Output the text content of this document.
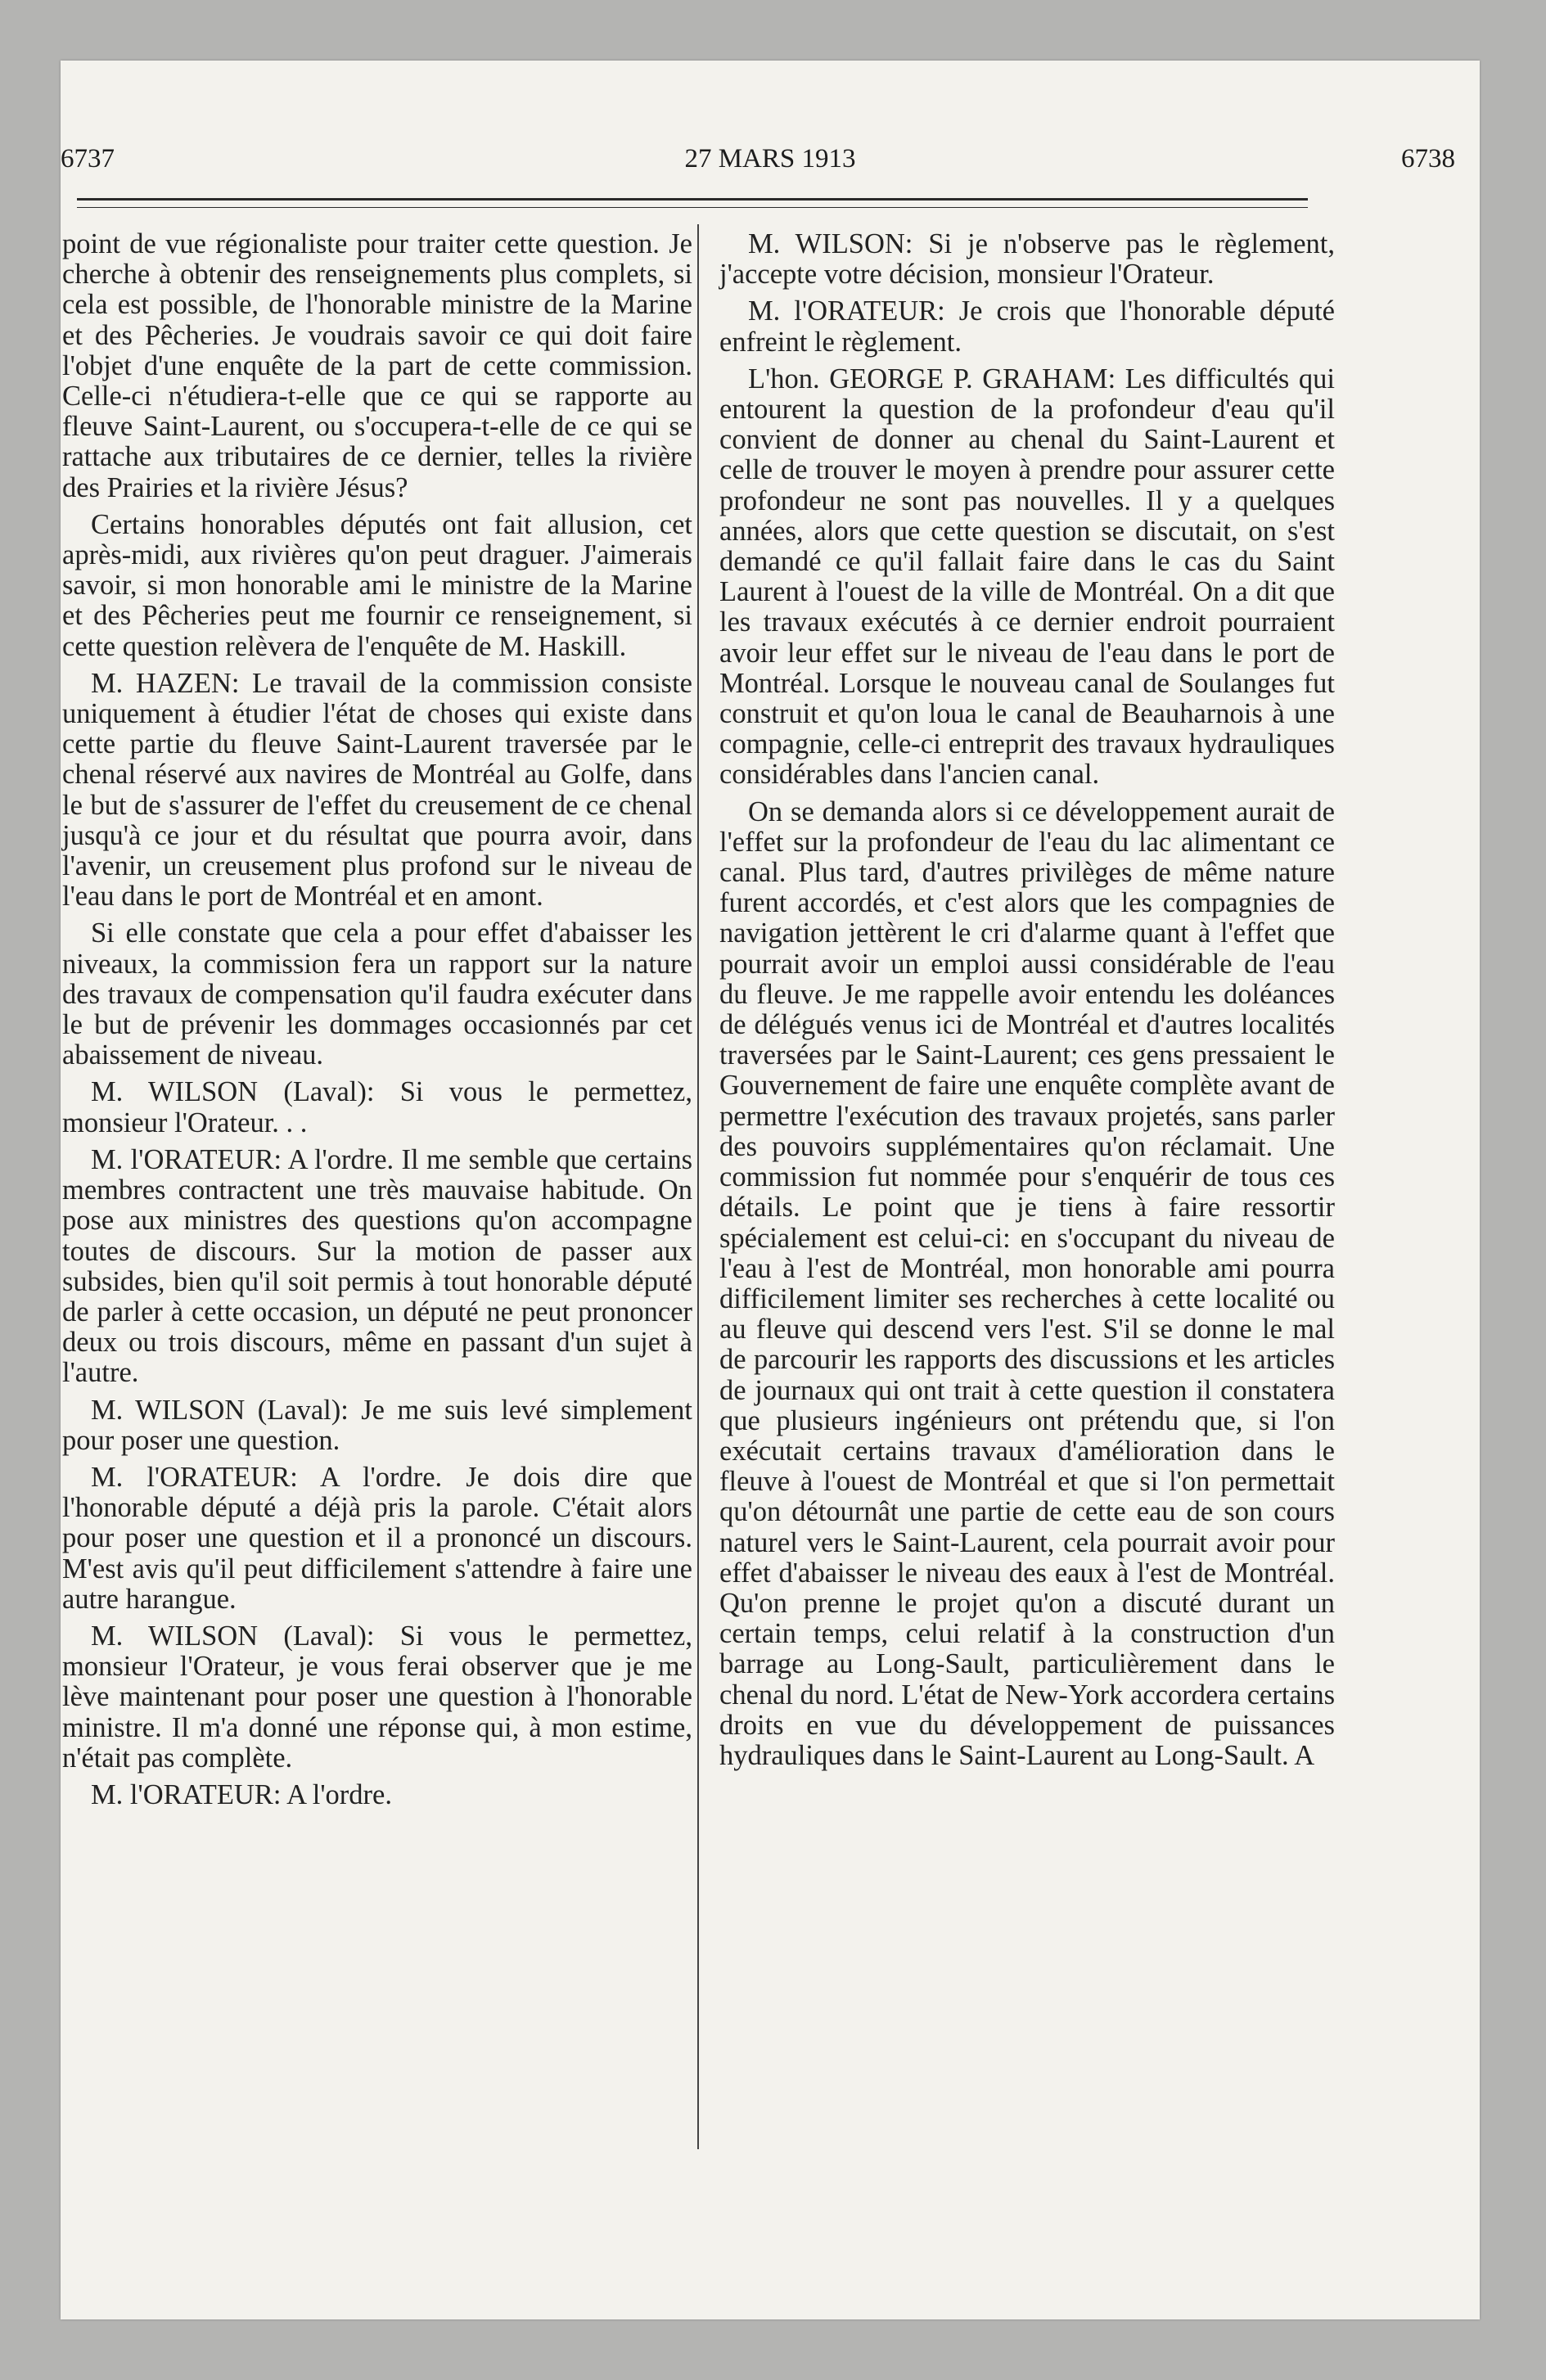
6737	27 MARS 1913	6738

point de vue régionaliste pour traiter cette question. Je cherche à obtenir des renseignements plus complets, si cela est possible, de l'honorable ministre de la Marine et des Pêcheries. Je voudrais savoir ce qui doit faire l'objet d'une enquête de la part de cette commission. Celle-ci n'étudiera-t-elle que ce qui se rapporte au fleuve Saint-Laurent, ou s'occupera-t-elle de ce qui se rattache aux tributaires de ce dernier, telles la rivière des Prairies et la rivière Jésus?

Certains honorables députés ont fait allusion, cet après-midi, aux rivières qu'on peut draguer. J'aimerais savoir, si mon honorable ami le ministre de la Marine et des Pêcheries peut me fournir ce renseignement, si cette question relèvera de l'enquête de M. Haskill.

M. HAZEN: Le travail de la commission consiste uniquement à étudier l'état de choses qui existe dans cette partie du fleuve Saint-Laurent traversée par le chenal réservé aux navires de Montréal au Golfe, dans le but de s'assurer de l'effet du creusement de ce chenal jusqu'à ce jour et du résultat que pourra avoir, dans l'avenir, un creusement plus profond sur le niveau de l'eau dans le port de Montréal et en amont.

Si elle constate que cela a pour effet d'abaisser les niveaux, la commission fera un rapport sur la nature des travaux de compensation qu'il faudra exécuter dans le but de prévenir les dommages occasionnés par cet abaissement de niveau.

M. WILSON (Laval): Si vous le permettez, monsieur l'Orateur. . .

M. l'ORATEUR: A l'ordre. Il me semble que certains membres contractent une très mauvaise habitude. On pose aux ministres des questions qu'on accompagne toutes de discours. Sur la motion de passer aux subsides, bien qu'il soit permis à tout honorable député de parler à cette occasion, un député ne peut prononcer deux ou trois discours, même en passant d'un sujet à l'autre.

M. WILSON (Laval): Je me suis levé simplement pour poser une question.

M. l'ORATEUR: A l'ordre. Je dois dire que l'honorable député a déjà pris la parole. C'était alors pour poser une question et il a prononcé un discours. M'est avis qu'il peut difficilement s'attendre à faire une autre harangue.

M. WILSON (Laval): Si vous le permettez, monsieur l'Orateur, je vous ferai observer que je me lève maintenant pour poser une question à l'honorable ministre. Il m'a donné une réponse qui, à mon estime, n'était pas complète.

M. l'ORATEUR: A l'ordre.

M. WILSON: Si je n'observe pas le règlement, j'accepte votre décision, monsieur l'Orateur.

M. l'ORATEUR: Je crois que l'honorable député enfreint le règlement.

L'hon. GEORGE P. GRAHAM: Les difficultés qui entourent la question de la profondeur d'eau qu'il convient de donner au chenal du Saint-Laurent et celle de trouver le moyen à prendre pour assurer cette profondeur ne sont pas nouvelles. Il y a quelques années, alors que cette question se discutait, on s'est demandé ce qu'il fallait faire dans le cas du Saint Laurent à l'ouest de la ville de Montréal. On a dit que les travaux exécutés à ce dernier endroit pourraient avoir leur effet sur le niveau de l'eau dans le port de Montréal. Lorsque le nouveau canal de Soulanges fut construit et qu'on loua le canal de Beauharnois à une compagnie, celle-ci entreprit des travaux hydrauliques considérables dans l'ancien canal.

On se demanda alors si ce développement aurait de l'effet sur la profondeur de l'eau du lac alimentant ce canal. Plus tard, d'autres privilèges de même nature furent accordés, et c'est alors que les compagnies de navigation jettèrent le cri d'alarme quant à l'effet que pourrait avoir un emploi aussi considérable de l'eau du fleuve. Je me rappelle avoir entendu les doléances de délégués venus ici de Montréal et d'autres localités traversées par le Saint-Laurent; ces gens pressaient le Gouvernement de faire une enquête complète avant de permettre l'exécution des travaux projetés, sans parler des pouvoirs supplémentaires qu'on réclamait. Une commission fut nommée pour s'enquérir de tous ces détails. Le point que je tiens à faire ressortir spécialement est celui-ci: en s'occupant du niveau de l'eau à l'est de Montréal, mon honorable ami pourra difficilement limiter ses recherches à cette localité ou au fleuve qui descend vers l'est. S'il se donne le mal de parcourir les rapports des discussions et les articles de journaux qui ont trait à cette question il constatera que plusieurs ingénieurs ont prétendu que, si l'on exécutait certains travaux d'amélioration dans le fleuve à l'ouest de Montréal et que si l'on permettait qu'on détournât une partie de cette eau de son cours naturel vers le Saint-Laurent, cela pourrait avoir pour effet d'abaisser le niveau des eaux à l'est de Montréal. Qu'on prenne le projet qu'on a discuté durant un certain temps, celui relatif à la construction d'un barrage au Long-Sault, particulièrement dans le chenal du nord. L'état de New-York accordera certains droits en vue du développement de puissances hydrauliques dans le Saint-Laurent au Long-Sault. A
